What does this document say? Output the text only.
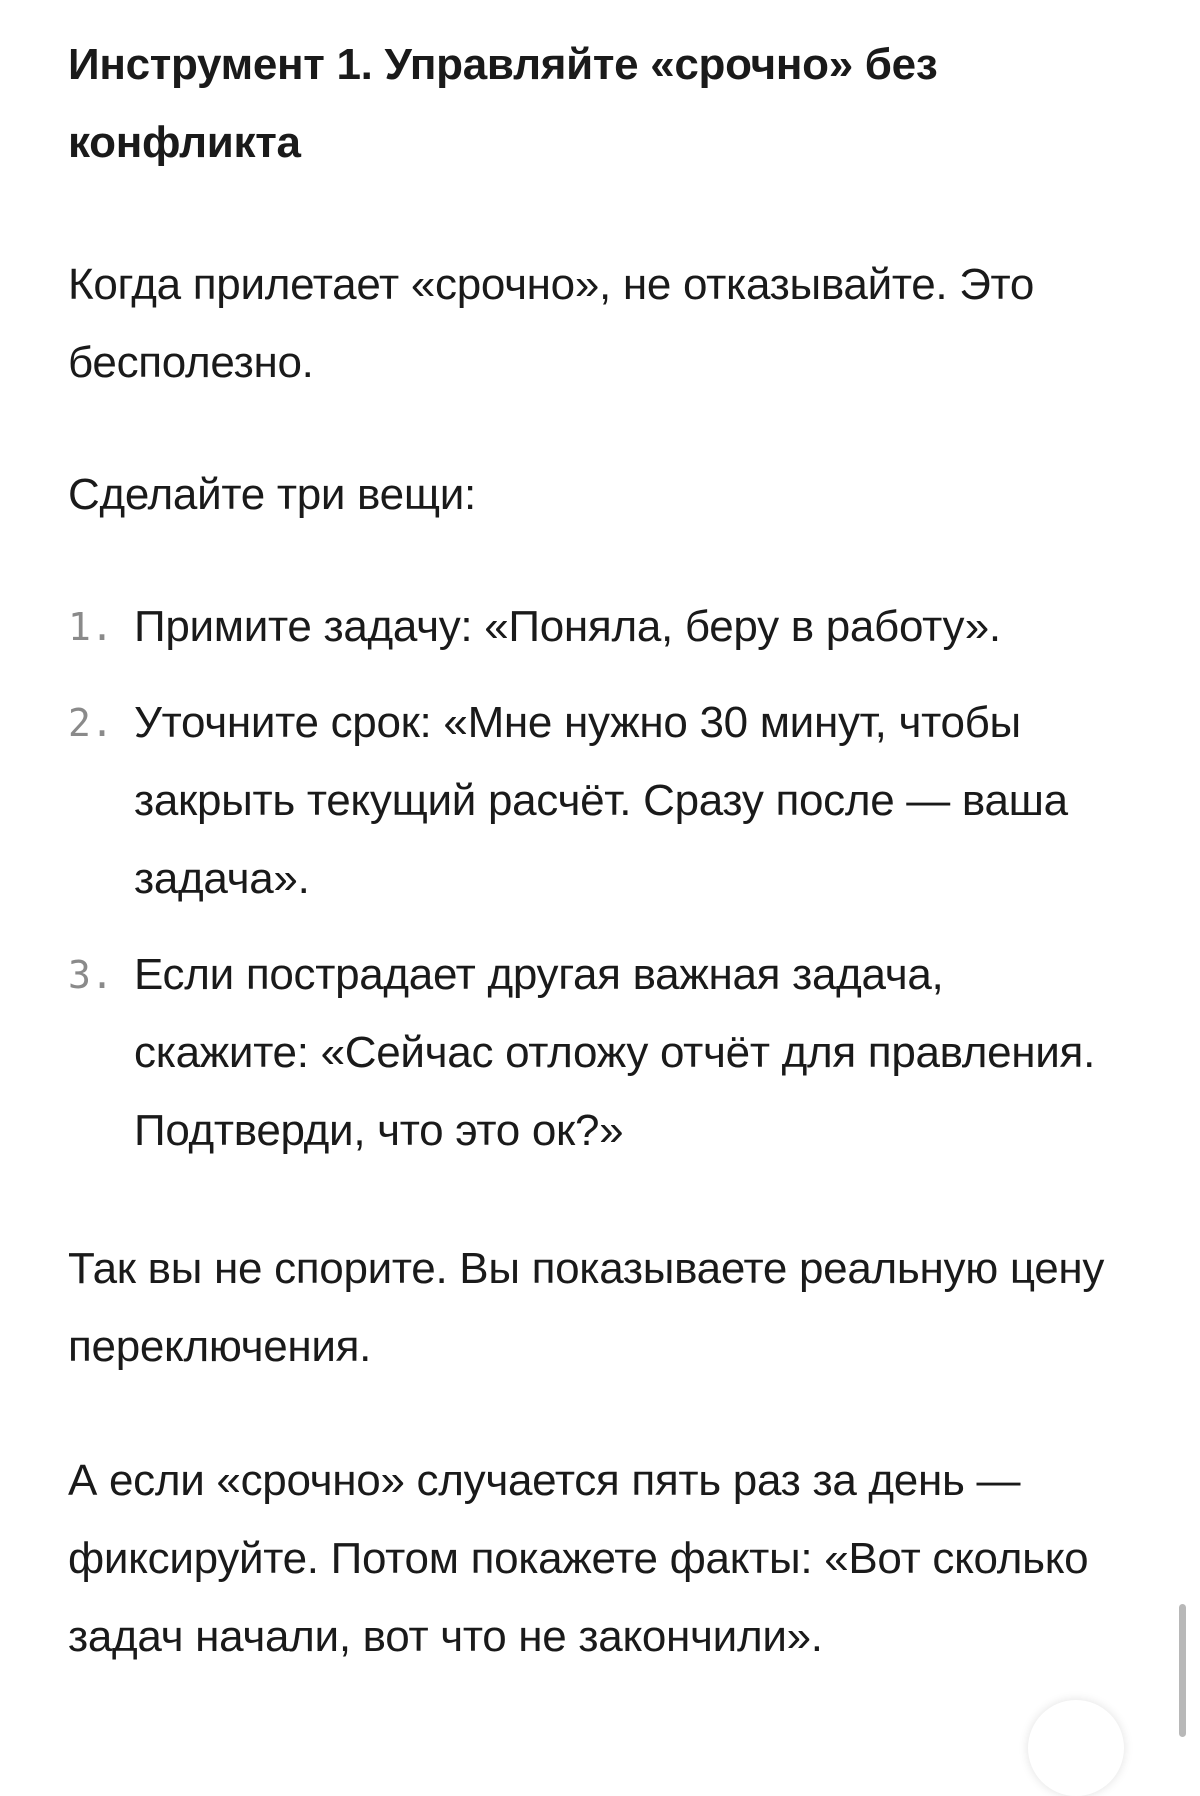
Инструмент 1. Управляйте «срочно» без конфликта

Когда прилетает «срочно», не отказывайте. Это бесполезно.

Сделайте три вещи:

1. Примите задачу: «Поняла, беру в работу».
2. Уточните срок: «Мне нужно 30 минут, чтобы закрыть текущий расчёт. Сразу после — ваша задача».
3. Если пострадает другая важная задача, скажите: «Сейчас отложу отчёт для правления. Подтверди, что это ок?»

Так вы не спорите. Вы показываете реальную цену переключения.

А если «срочно» случается пять раз за день — фиксируйте. Потом покажете факты: «Вот сколько задач начали, вот что не закончили».
